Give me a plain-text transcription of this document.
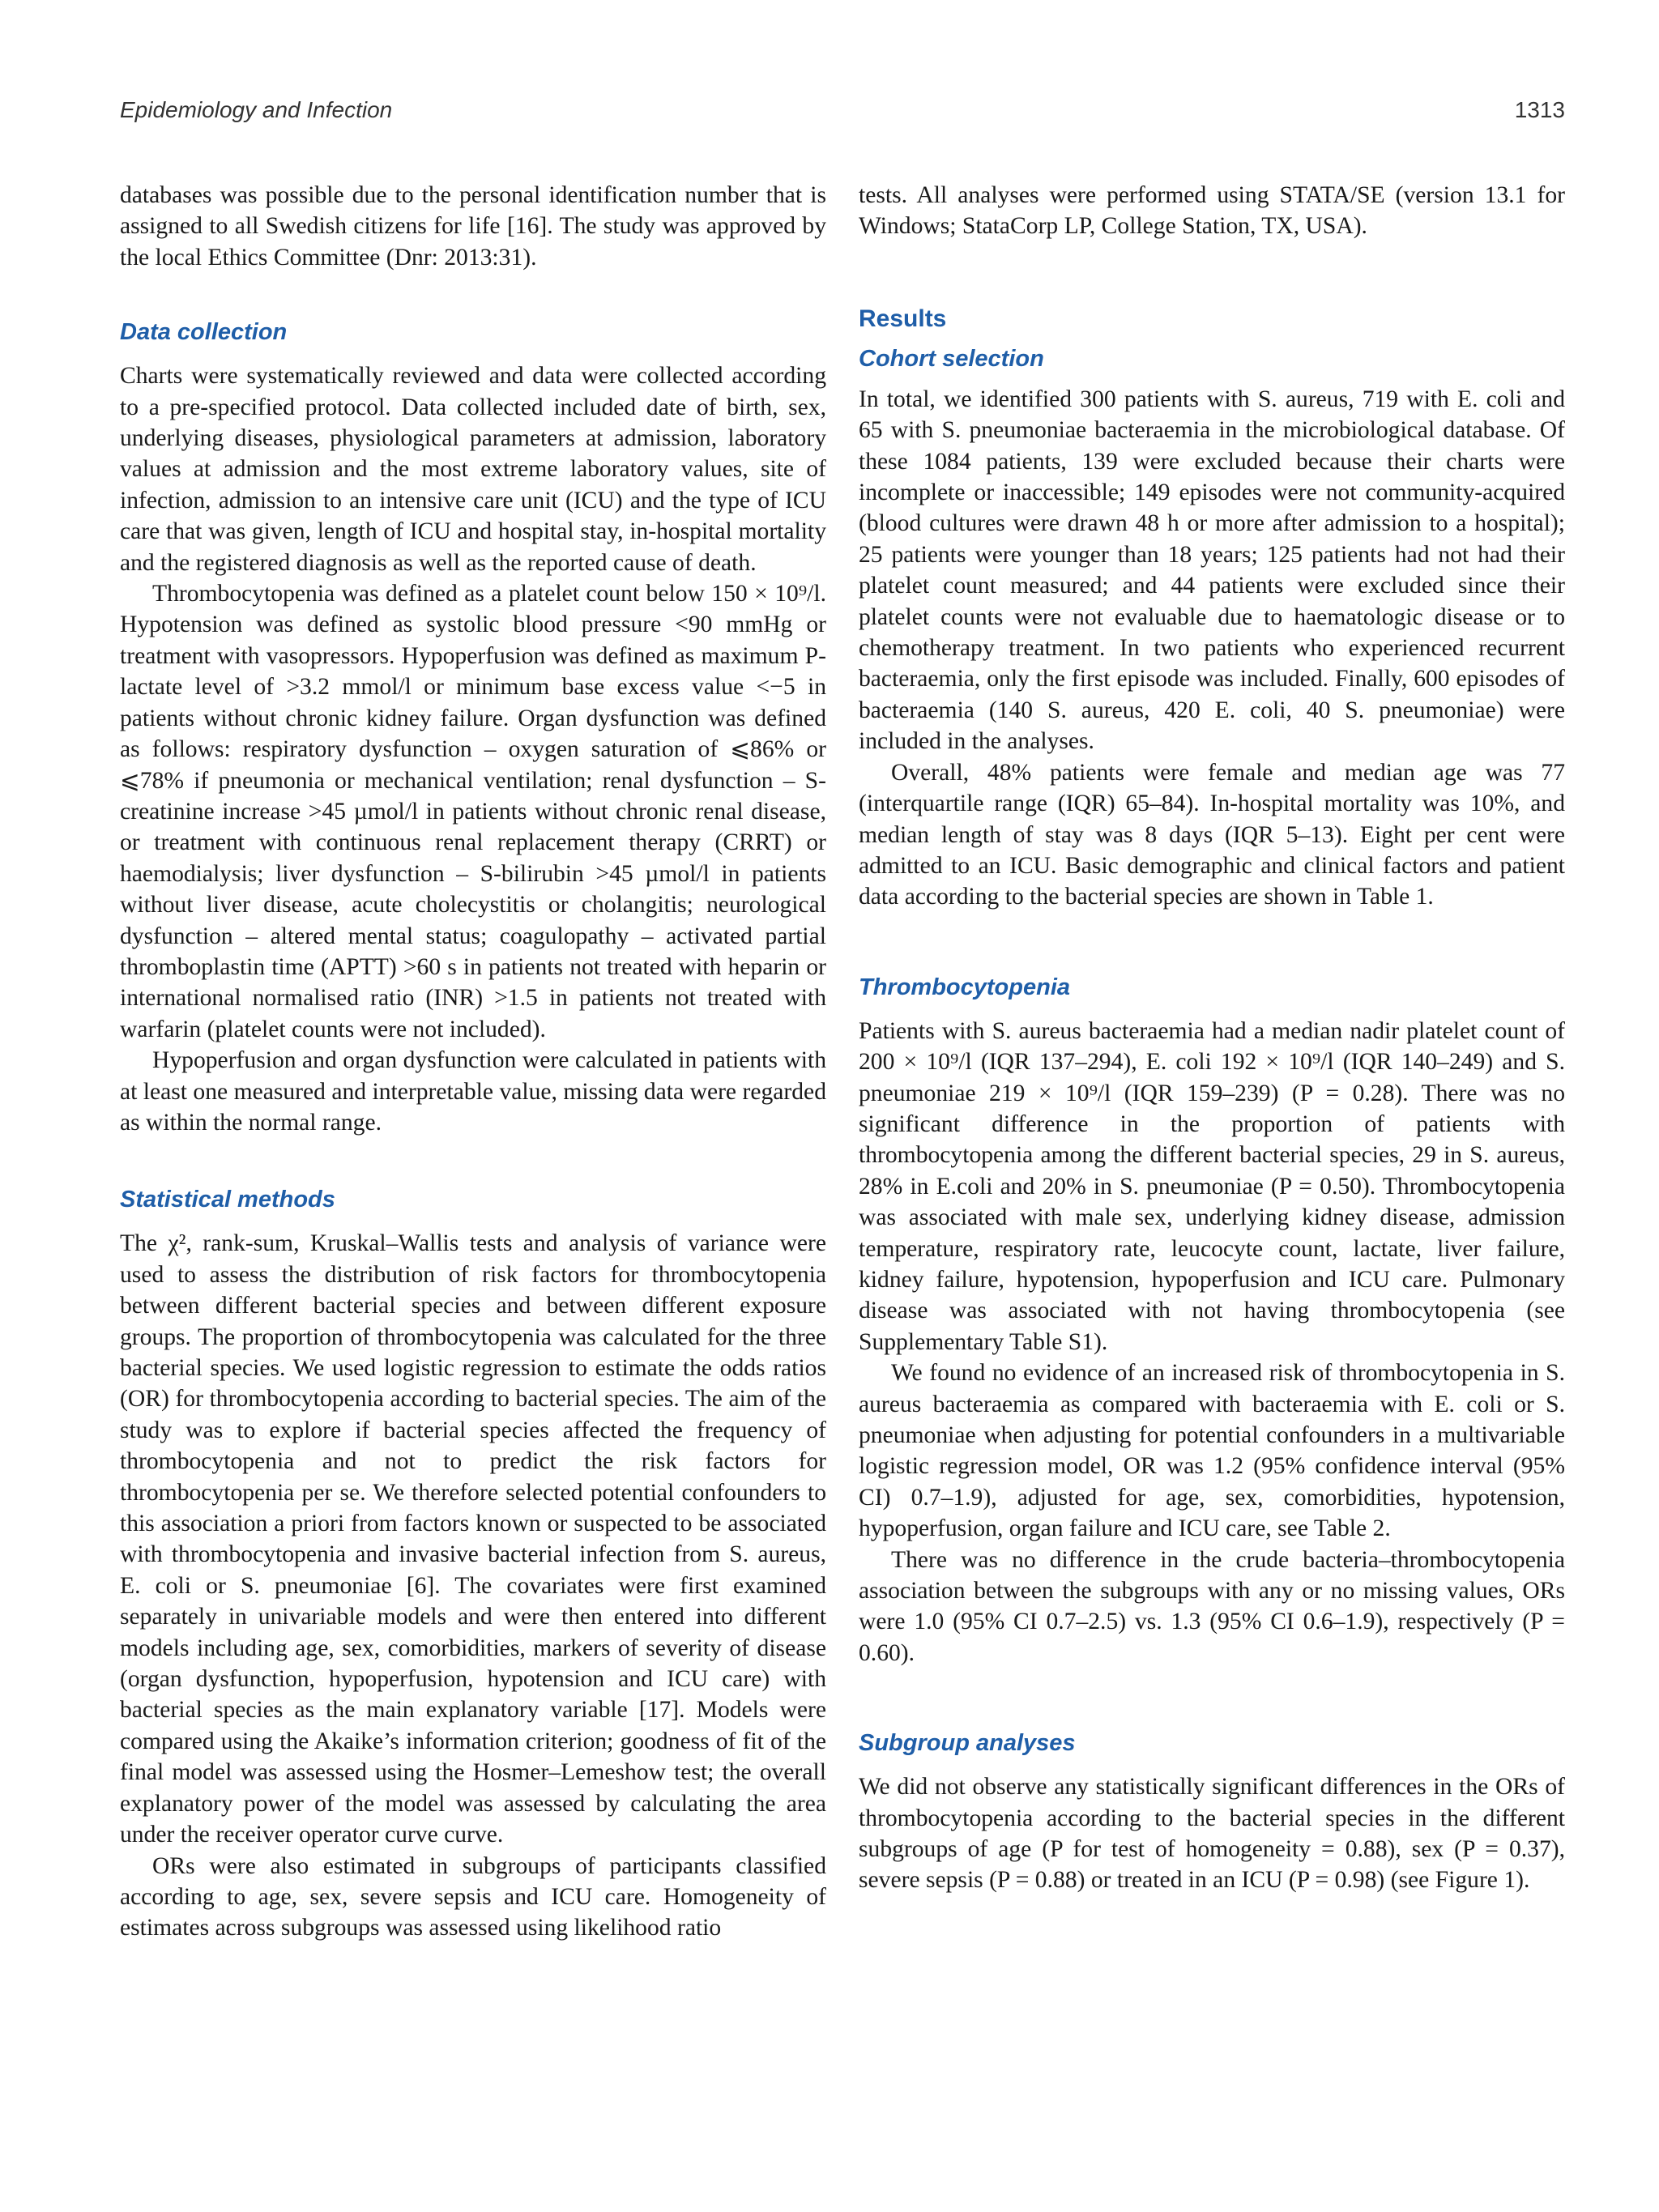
Epidemiology and Infection	1313

databases was possible due to the personal identification number that is assigned to all Swedish citizens for life [16]. The study was approved by the local Ethics Committee (Dnr: 2013:31).

Data collection

Charts were systematically reviewed and data were collected according to a pre-specified protocol. Data collected included date of birth, sex, underlying diseases, physiological parameters at admission, laboratory values at admission and the most extreme laboratory values, site of infection, admission to an intensive care unit (ICU) and the type of ICU care that was given, length of ICU and hospital stay, in-hospital mortality and the registered diagnosis as well as the reported cause of death.

Thrombocytopenia was defined as a platelet count below 150 × 10⁹/l. Hypotension was defined as systolic blood pressure <90 mmHg or treatment with vasopressors. Hypoperfusion was defined as maximum P-lactate level of >3.2 mmol/l or minimum base excess value <−5 in patients without chronic kidney failure. Organ dysfunction was defined as follows: respiratory dysfunction – oxygen saturation of ⩽86% or ⩽78% if pneumonia or mechanical ventilation; renal dysfunction – S-creatinine increase >45 µmol/l in patients without chronic renal disease, or treatment with continuous renal replacement therapy (CRRT) or haemodialysis; liver dysfunction – S-bilirubin >45 µmol/l in patients without liver disease, acute cholecystitis or cholangitis; neurological dysfunction – altered mental status; coagulopathy – activated partial thromboplastin time (APTT) >60 s in patients not treated with heparin or international normalised ratio (INR) >1.5 in patients not treated with warfarin (platelet counts were not included).

Hypoperfusion and organ dysfunction were calculated in patients with at least one measured and interpretable value, missing data were regarded as within the normal range.

Statistical methods

The χ², rank-sum, Kruskal–Wallis tests and analysis of variance were used to assess the distribution of risk factors for thrombocytopenia between different bacterial species and between different exposure groups. The proportion of thrombocytopenia was calculated for the three bacterial species. We used logistic regression to estimate the odds ratios (OR) for thrombocytopenia according to bacterial species. The aim of the study was to explore if bacterial species affected the frequency of thrombocytopenia and not to predict the risk factors for thrombocytopenia per se. We therefore selected potential confounders to this association a priori from factors known or suspected to be associated with thrombocytopenia and invasive bacterial infection from S. aureus, E. coli or S. pneumoniae [6]. The covariates were first examined separately in univariable models and were then entered into different models including age, sex, comorbidities, markers of severity of disease (organ dysfunction, hypoperfusion, hypotension and ICU care) with bacterial species as the main explanatory variable [17]. Models were compared using the Akaike’s information criterion; goodness of fit of the final model was assessed using the Hosmer–Lemeshow test; the overall explanatory power of the model was assessed by calculating the area under the receiver operator curve curve.

ORs were also estimated in subgroups of participants classified according to age, sex, severe sepsis and ICU care. Homogeneity of estimates across subgroups was assessed using likelihood ratio

tests. All analyses were performed using STATA/SE (version 13.1 for Windows; StataCorp LP, College Station, TX, USA).

Results
Cohort selection

In total, we identified 300 patients with S. aureus, 719 with E. coli and 65 with S. pneumoniae bacteraemia in the microbiological database. Of these 1084 patients, 139 were excluded because their charts were incomplete or inaccessible; 149 episodes were not community-acquired (blood cultures were drawn 48 h or more after admission to a hospital); 25 patients were younger than 18 years; 125 patients had not had their platelet count measured; and 44 patients were excluded since their platelet counts were not evaluable due to haematologic disease or to chemotherapy treatment. In two patients who experienced recurrent bacteraemia, only the first episode was included. Finally, 600 episodes of bacteraemia (140 S. aureus, 420 E. coli, 40 S. pneumoniae) were included in the analyses.

Overall, 48% patients were female and median age was 77 (interquartile range (IQR) 65–84). In-hospital mortality was 10%, and median length of stay was 8 days (IQR 5–13). Eight per cent were admitted to an ICU. Basic demographic and clinical factors and patient data according to the bacterial species are shown in Table 1.

Thrombocytopenia

Patients with S. aureus bacteraemia had a median nadir platelet count of 200 × 10⁹/l (IQR 137–294), E. coli 192 × 10⁹/l (IQR 140–249) and S. pneumoniae 219 × 10⁹/l (IQR 159–239) (P = 0.28). There was no significant difference in the proportion of patients with thrombocytopenia among the different bacterial species, 29 in S. aureus, 28% in E.coli and 20% in S. pneumoniae (P = 0.50). Thrombocytopenia was associated with male sex, underlying kidney disease, admission temperature, respiratory rate, leucocyte count, lactate, liver failure, kidney failure, hypotension, hypoperfusion and ICU care. Pulmonary disease was associated with not having thrombocytopenia (see Supplementary Table S1).

We found no evidence of an increased risk of thrombocytopenia in S. aureus bacteraemia as compared with bacteraemia with E. coli or S. pneumoniae when adjusting for potential confounders in a multivariable logistic regression model, OR was 1.2 (95% confidence interval (95% CI) 0.7–1.9), adjusted for age, sex, comorbidities, hypotension, hypoperfusion, organ failure and ICU care, see Table 2.

There was no difference in the crude bacteria–thrombocytopenia association between the subgroups with any or no missing values, ORs were 1.0 (95% CI 0.7–2.5) vs. 1.3 (95% CI 0.6–1.9), respectively (P = 0.60).

Subgroup analyses

We did not observe any statistically significant differences in the ORs of thrombocytopenia according to the bacterial species in the different subgroups of age (P for test of homogeneity = 0.88), sex (P = 0.37), severe sepsis (P = 0.88) or treated in an ICU (P = 0.98) (see Figure 1).
